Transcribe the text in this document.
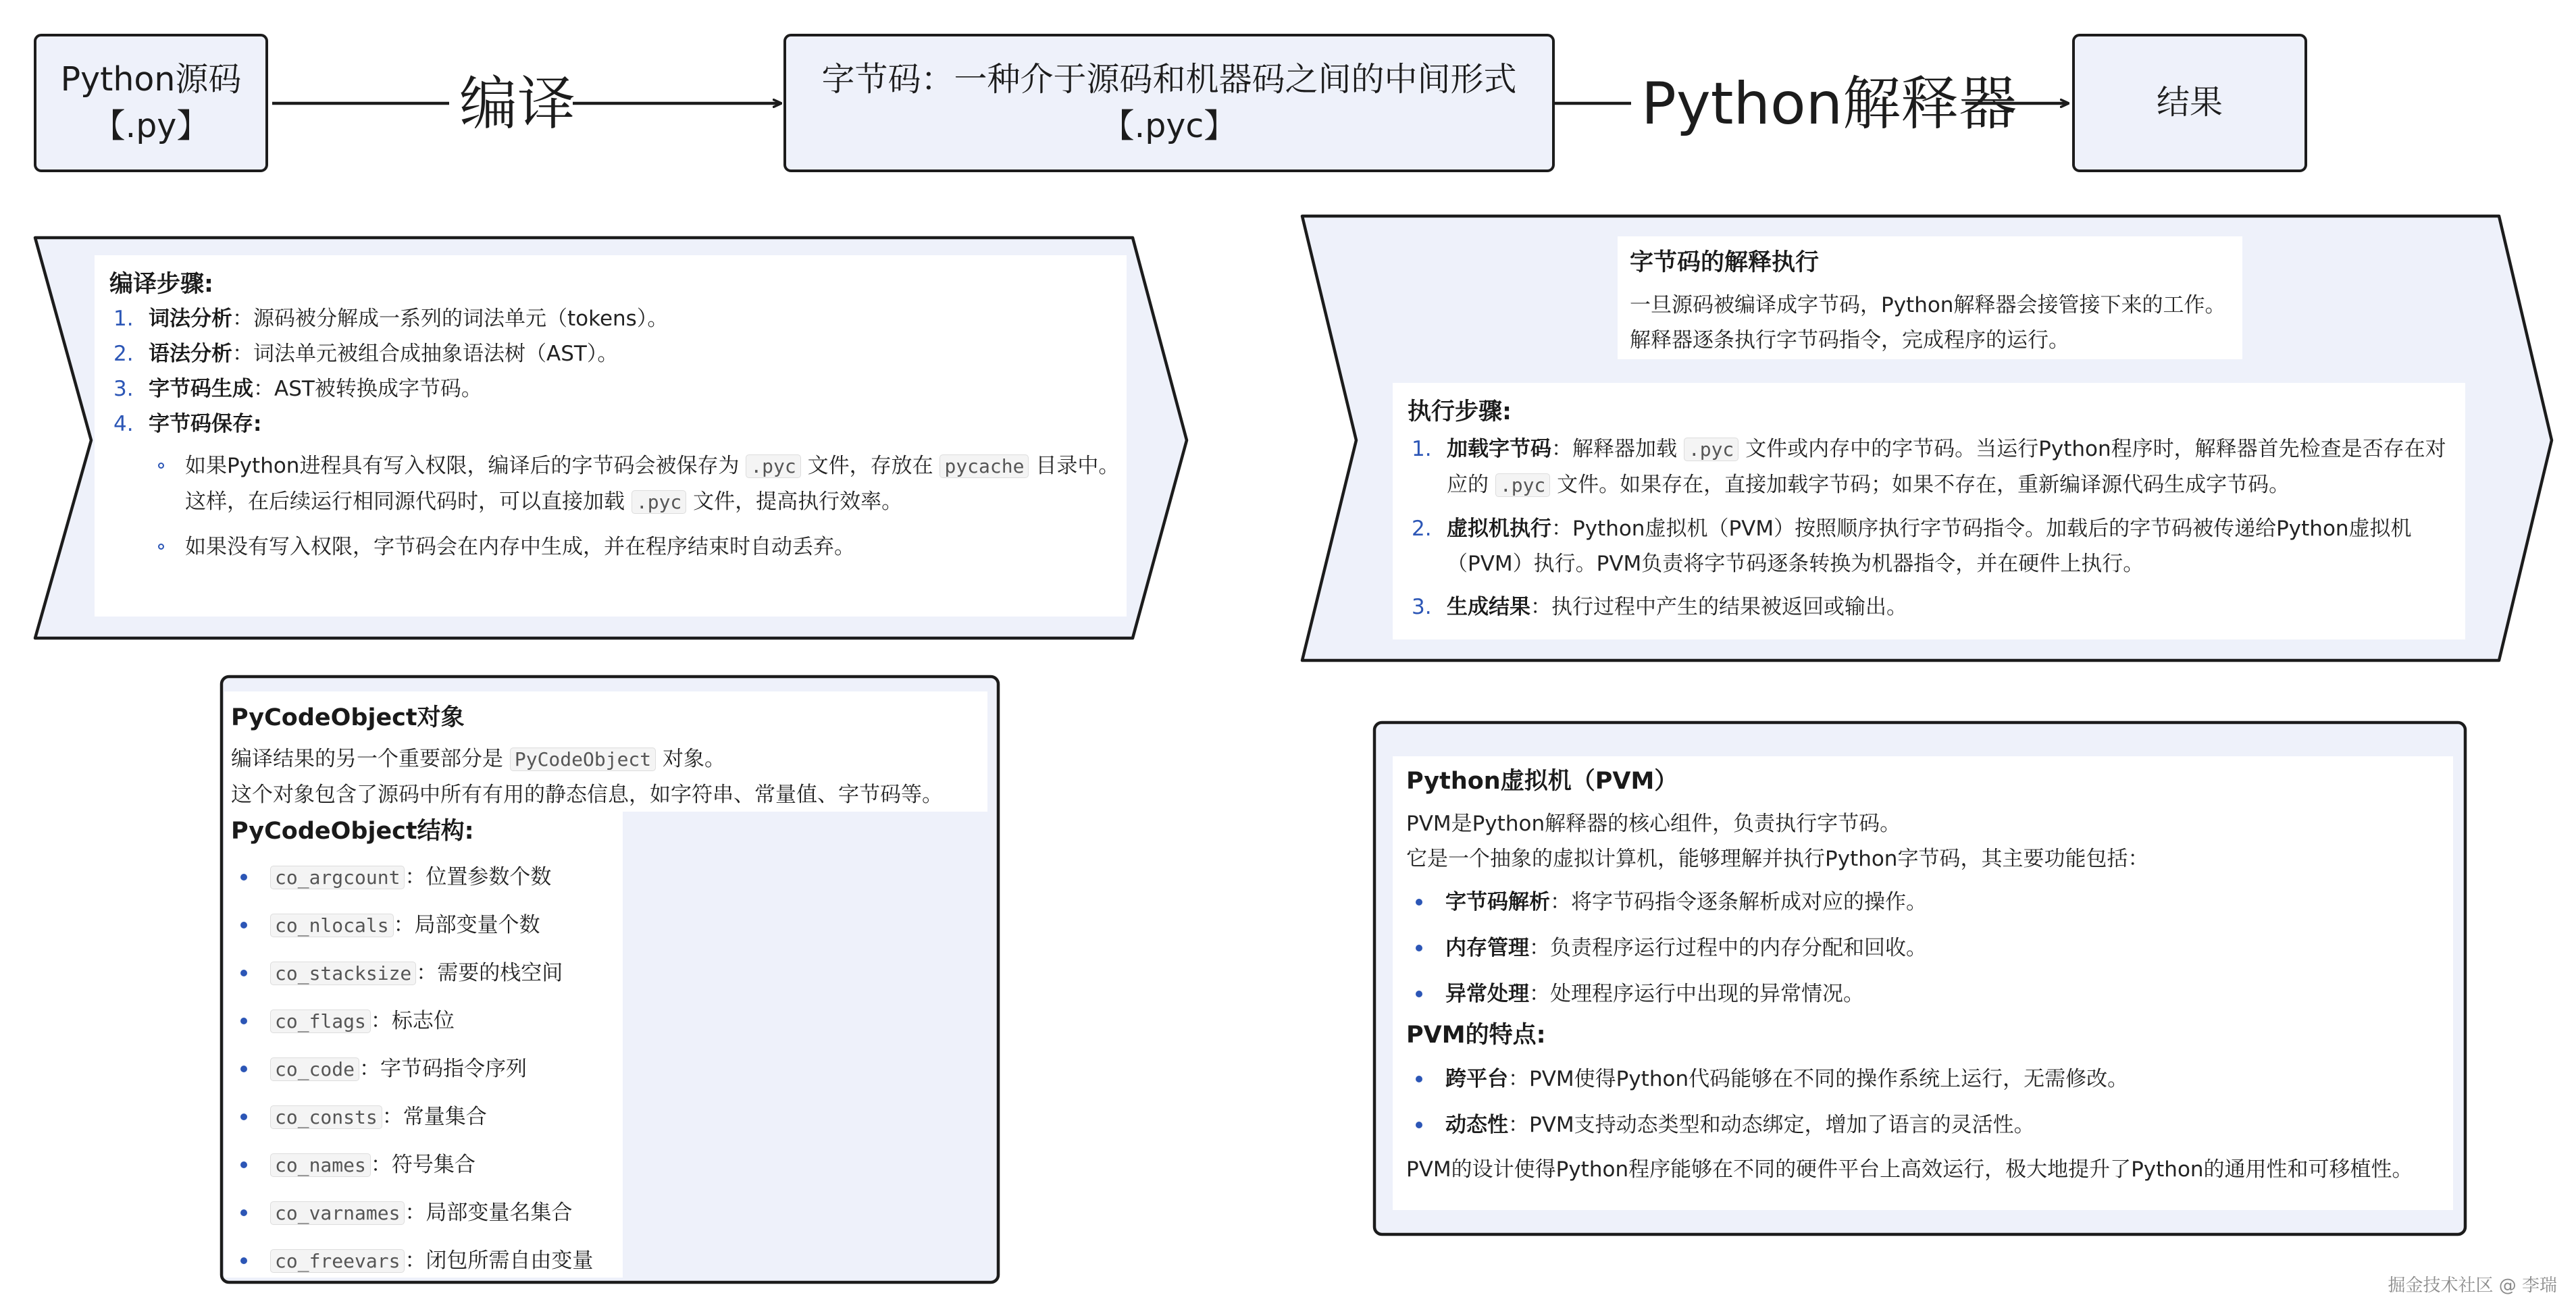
Python源码
【.py】	编译	字节码：一种介于源码和机器码之间的中间形式
【.pyc】	Python解释器	结果

编译步骤:

1. 词法分析：源码被分解成一系列的词法单元（tokens）。
2. 语法分析：词法单元被组合成抽象语法树（AST）。
3. 字节码生成：AST被转换成字节码。
4. 字节码保存:
如果Python进程具有写入权限，编译后的字节码会被保存为 .pyc 文件，存放在 pycache 目录中。
这样，在后续运行相同源代码时，可以直接加载 .pyc 文件，提高执行效率。
如果没有写入权限，字节码会在内存中生成，并在程序结束时自动丢弃。

字节码的解释执行

一旦源码被编译成字节码，Python解释器会接管接下来的工作。

解释器逐条执行字节码指令，完成程序的运行。

执行步骤:

1. 加载字节码：解释器加载 .pyc 文件或内存中的字节码。当运行Python程序时，解释器首先检查是否存在对应的 .pyc 文件。如果存在，直接加载字节码；如果不存在，重新编译源代码生成字节码。
2. 虚拟机执行：Python虚拟机（PVM）按照顺序执行字节码指令。加载后的字节码被传递给Python虚拟机（PVM）执行。PVM负责将字节码逐条转换为机器指令，并在硬件上执行。
3. 生成结果：执行过程中产生的结果被返回或输出。

PyCodeObject对象

编译结果的另一个重要部分是 PyCodeObject 对象。

这个对象包含了源码中所有有用的静态信息，如字符串、常量值、字节码等。

PyCodeObject结构:

co_argcount ：位置参数个数
co_nlocals ：局部变量个数
co_stacksize ：需要的栈空间
co_flags ：标志位
co_code ：字节码指令序列
co_consts ：常量集合
co_names ：符号集合
co_varnames ：局部变量名集合
co_freevars ：闭包所需自由变量

Python虚拟机（PVM）

PVM是Python解释器的核心组件，负责执行字节码。

它是一个抽象的虚拟计算机，能够理解并执行Python字节码，其主要功能包括：

字节码解析：将字节码指令逐条解析成对应的操作。
内存管理：负责程序运行过程中的内存分配和回收。
异常处理：处理程序运行中出现的异常情况。

PVM的特点:

跨平台：PVM使得Python代码能够在不同的操作系统上运行，无需修改。
动态性：PVM支持动态类型和动态绑定，增加了语言的灵活性。

PVM的设计使得Python程序能够在不同的硬件平台上高效运行，极大地提升了Python的通用性和可移植性。

掘金技术社区 @ 李瑞
